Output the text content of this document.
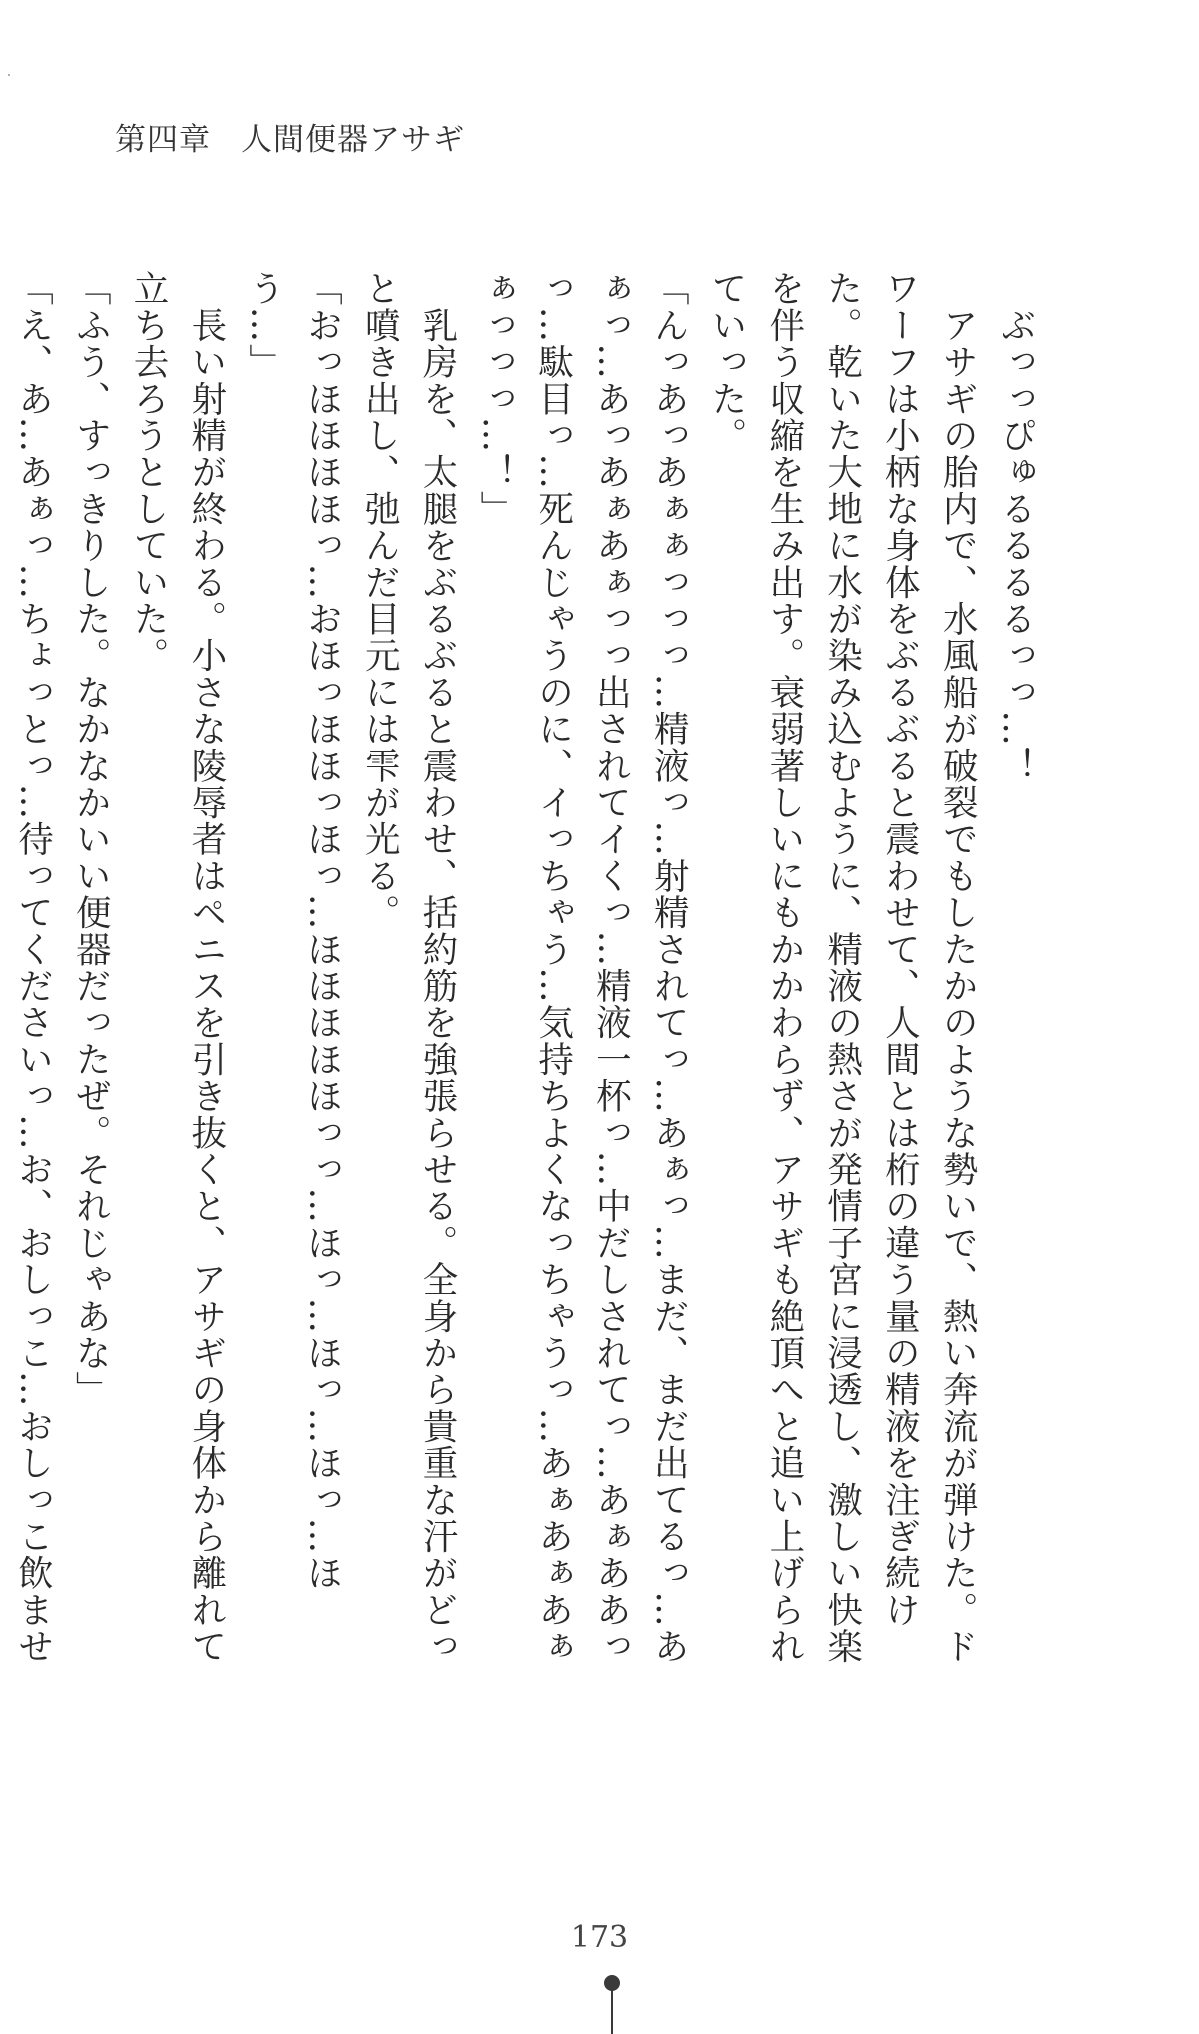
第四章 人間便器アサギ

　ぶっっぴゅるるるるっっ…！

　アサギの胎内で、水風船が破裂でもしたかのような勢いで、熱い奔流が弾けた。ドワーフは小柄な身体をぶるぶると震わせて、人間とは桁の違う量の精液を注ぎ続けた。乾いた大地に水が染み込むように、精液の熱さが発情子宮に浸透し、激しい快楽を伴う収縮を生み出す。衰弱著しいにもかかわらず、アサギも絶頂へと追い上げられていった。

「んっあっあぁぁっっっ…精液っ…射精されてっ…あぁっ…まだ、まだ出てるっ…あぁっ…あっあぁあぁっっ出されてイくっ…精液一杯っ…中だしされてっ…あぁああっっ…駄目っ…死んじゃうのに、イっちゃう…気持ちよくなっちゃうっ…あぁあぁあぁぁっっっ…！」

　乳房を、太腿をぶるぶると震わせ、括約筋を強張らせる。全身から貴重な汗がどっと噴き出し、弛んだ目元には雫が光る。

「おっほほほほっ…おほっほほっほっ…ほほほほほっっ…ほっ…ほっ…ほっ…ほう…」

　長い射精が終わる。小さな陵辱者はペニスを引き抜くと、アサギの身体から離れて立ち去ろうとしていた。

「ふう、すっきりした。なかなかいい便器だったぜ。それじゃあな」

「え、あ…あぁっ…ちょっとっ…待ってくださいっ…お、おしっこ…おしっこ飲ませ

173
